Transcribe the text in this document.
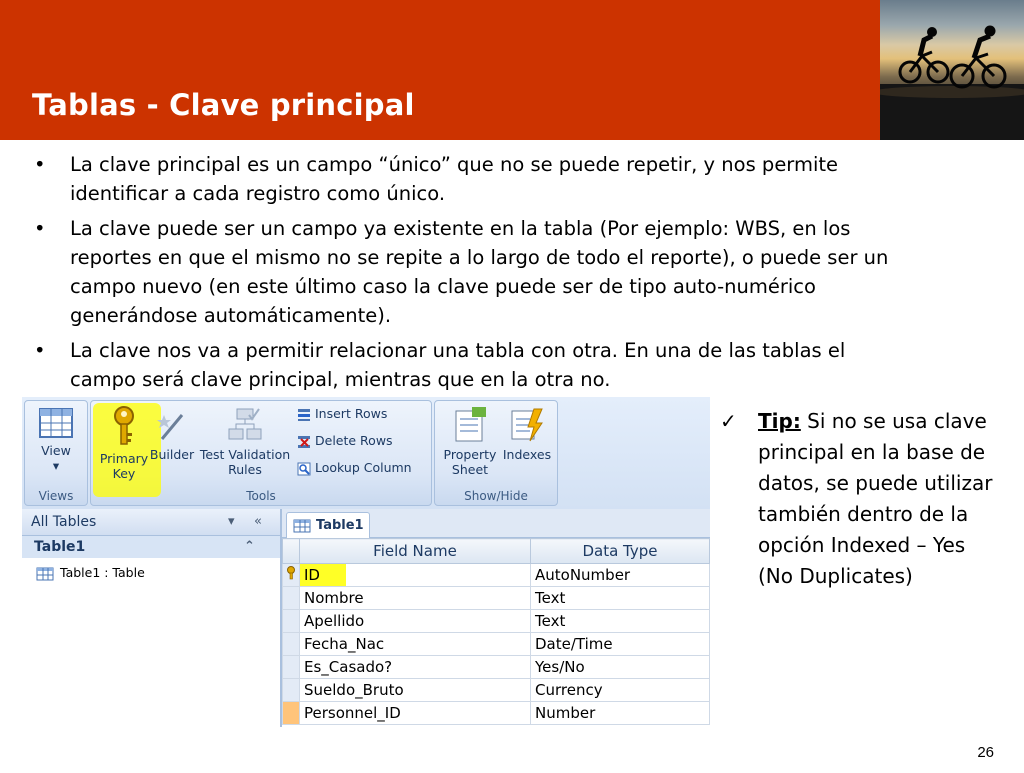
Tablas - Clave principal
• La clave principal es un campo “único” que no se puede repetir, y nos permite identificar a cada registro como único.
• La clave puede ser un campo ya existente en la tabla (Por ejemplo: WBS, en los reportes en que el mismo no se repite a lo largo de todo el reporte), o puede ser un campo nuevo (en este último caso la clave puede ser de tipo auto-numérico generándose automáticamente).
• La clave nos va a permitir relacionar una tabla con otra. En una de las tablas el campo será clave principal, mientras que en la otra no.
View
▾
Views
Primary
Key
Builder Test Validation
Rules
Insert Rows
Delete Rows
Lookup Column
Tools
Property
Sheet
Indexes
Show/Hide
All Tables	▾ «
Table1	⌃
Table1 : Table
Table1
	Field Name	Data Type
	ID	AutoNumber
	Nombre	Text
	Apellido	Text
	Fecha_Nac	Date/Time
	Es_Casado?	Yes/No
	Sueldo_Bruto	Currency
	Personnel_ID	Number
✓	Tip: Si no se usa clave principal en la base de datos, se puede utilizar también dentro de la opción Indexed – Yes (No Duplicates)
26
